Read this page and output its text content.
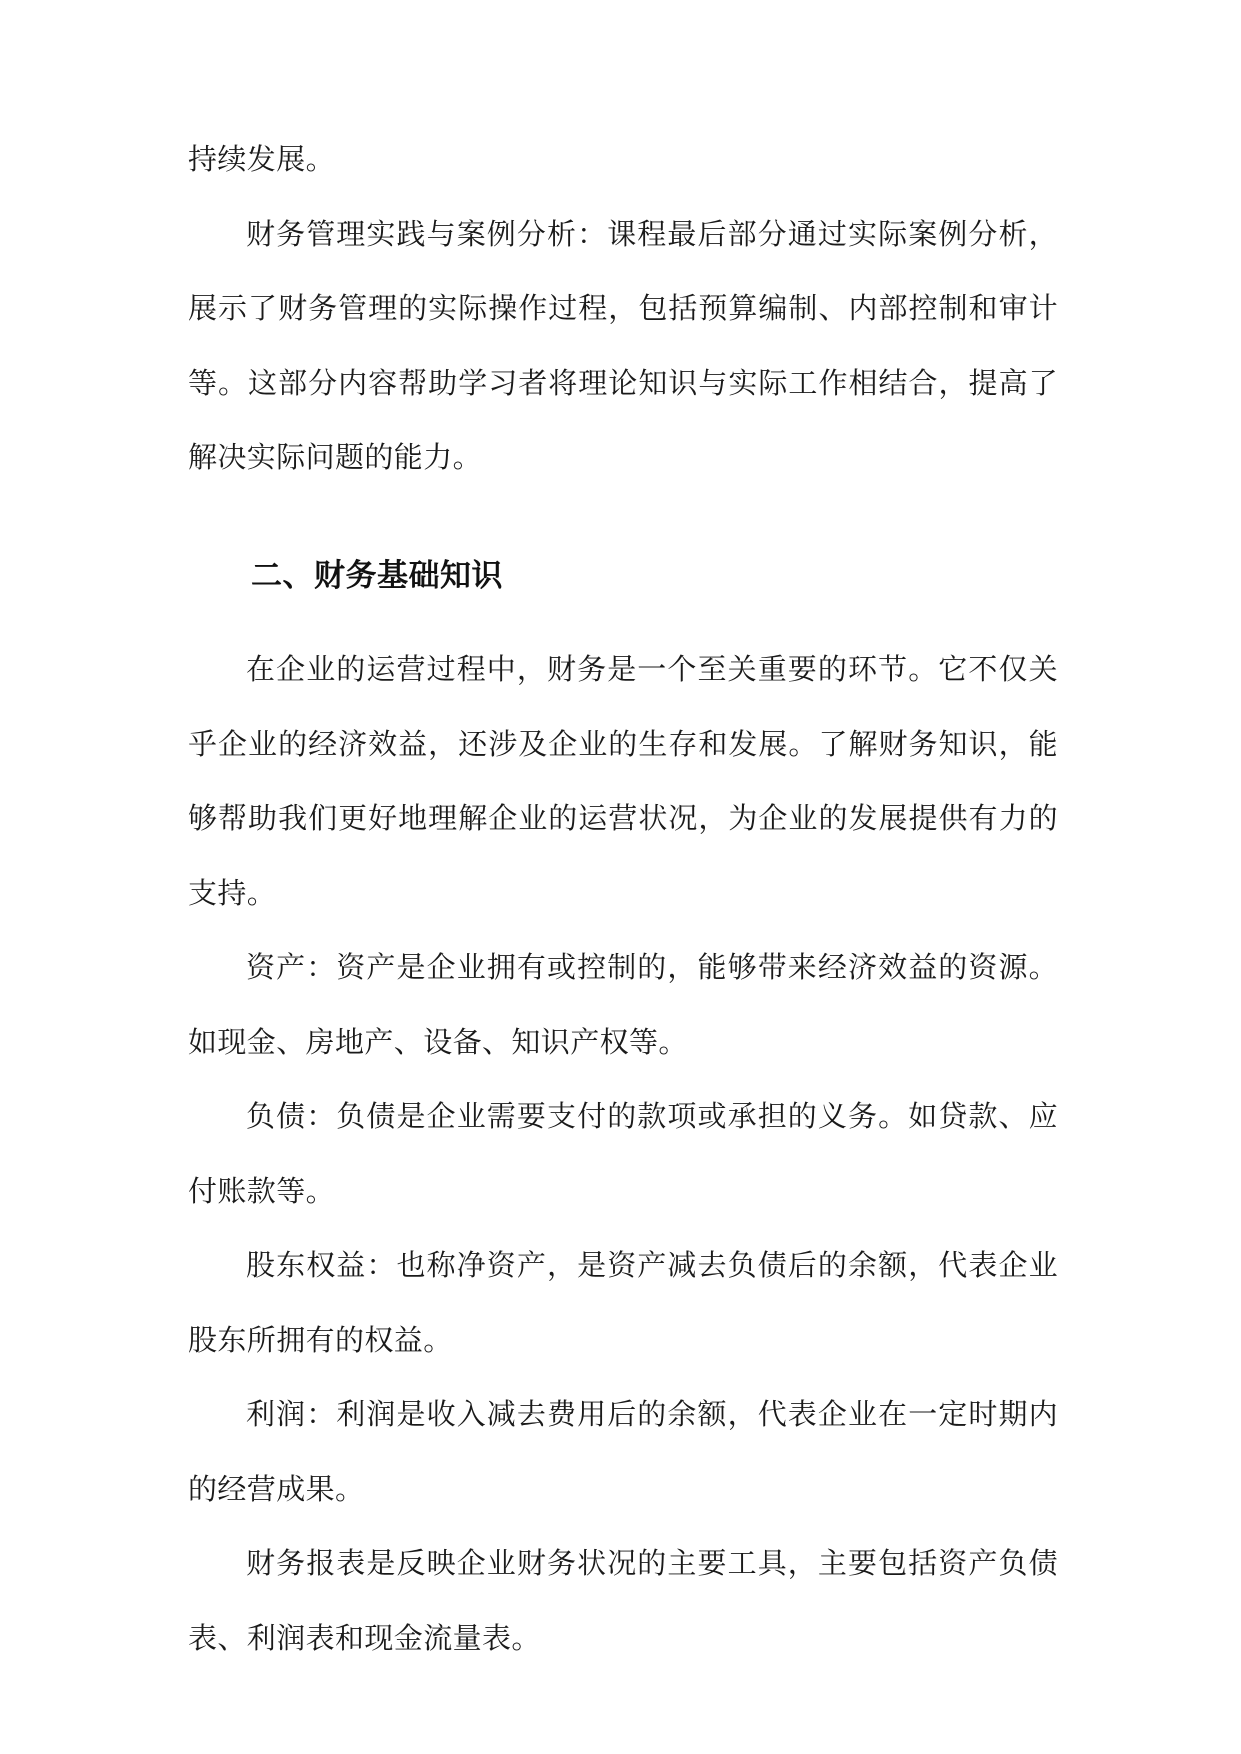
持续发展。

财务管理实践与案例分析：课程最后部分通过实际案例分析，展示了财务管理的实际操作过程，包括预算编制、内部控制和审计等。这部分内容帮助学习者将理论知识与实际工作相结合，提高了解决实际问题的能力。

二、财务基础知识

在企业的运营过程中，财务是一个至关重要的环节。它不仅关乎企业的经济效益，还涉及企业的生存和发展。了解财务知识，能够帮助我们更好地理解企业的运营状况，为企业的发展提供有力的支持。

资产：资产是企业拥有或控制的，能够带来经济效益的资源。如现金、房地产、设备、知识产权等。

负债：负债是企业需要支付的款项或承担的义务。如贷款、应付账款等。

股东权益：也称净资产，是资产减去负债后的余额，代表企业股东所拥有的权益。

利润：利润是收入减去费用后的余额，代表企业在一定时期内的经营成果。

财务报表是反映企业财务状况的主要工具，主要包括资产负债表、利润表和现金流量表。
